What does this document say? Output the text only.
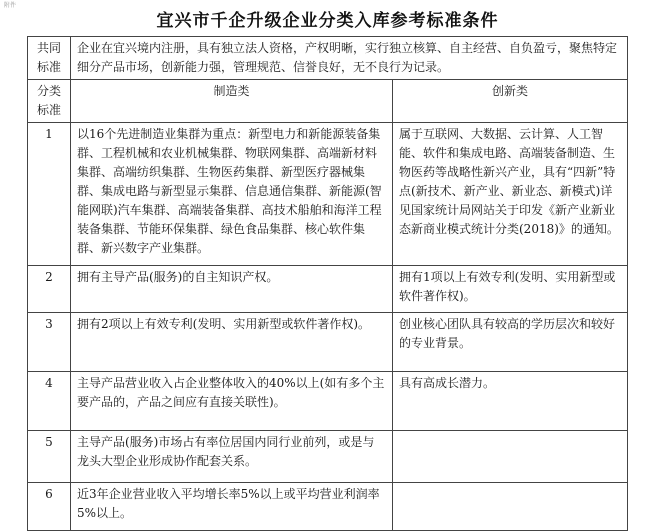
附件
宜兴市千企升级企业分类入库参考标准条件
共同标准	企业在宜兴境内注册，具有独立法人资格，产权明晰，实行独立核算、自主经营、自负盈亏，聚焦特定细分产品市场，创新能力强，管理规范、信誉良好，无不良行为记录。	
分类标准	制造类	创新类
1	以16个先进制造业集群为重点：新型电力和新能源装备集群、工程机械和农业机械集群、物联网集群、高端新材料集群、高端纺织集群、生物医药集群、新型医疗器械集群、集成电路与新型显示集群、信息通信集群、新能源(智能网联)汽车集群、高端装备集群、高技术船舶和海洋工程装备集群、节能环保集群、绿色食品集群、核心软件集群、新兴数字产业集群。	属于互联网、大数据、云计算、人工智能、软件和集成电路、高端装备制造、生物医药等战略性新兴产业，具有“四新”特点(新技术、新产业、新业态、新模式)详见国家统计局网站关于印发《新产业新业态新商业模式统计分类(2018)》的通知。
2	拥有主导产品(服务)的自主知识产权。	拥有1项以上有效专利(发明、实用新型或软件著作权)。
3	拥有2项以上有效专利(发明、实用新型或软件著作权)。	创业核心团队具有较高的学历层次和较好的专业背景。
4	主导产品营业收入占企业整体收入的40%以上(如有多个主要产品的，产品之间应有直接关联性)。	具有高成长潜力。
5	主导产品(服务)市场占有率位居国内同行业前列，或是与龙头大型企业形成协作配套关系。	
6	近3年企业营业收入平均增长率5%以上或平均营业利润率5%以上。	
